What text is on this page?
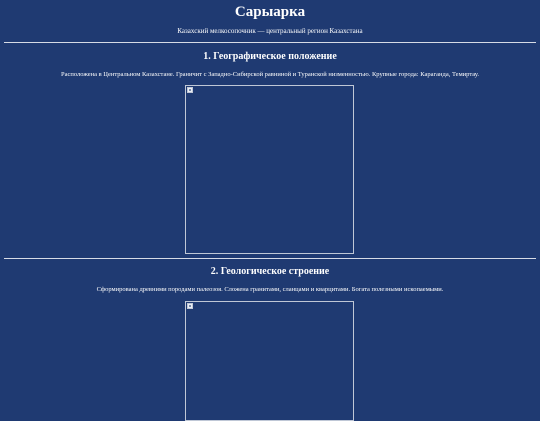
Сарыарка

Казахский мелкосопочник — центральный регион Казахстана

1. Географическое положение

Расположена в Центральном Казахстане. Граничит с Западно-Сибирской равниной и Туранской низменностью. Крупные города: Караганда, Темиртау.

2. Геологическое строение

Сформирована древними породами палеозоя. Сложена гранитами, сланцами и кварцитами. Богата полезными ископаемыми.
